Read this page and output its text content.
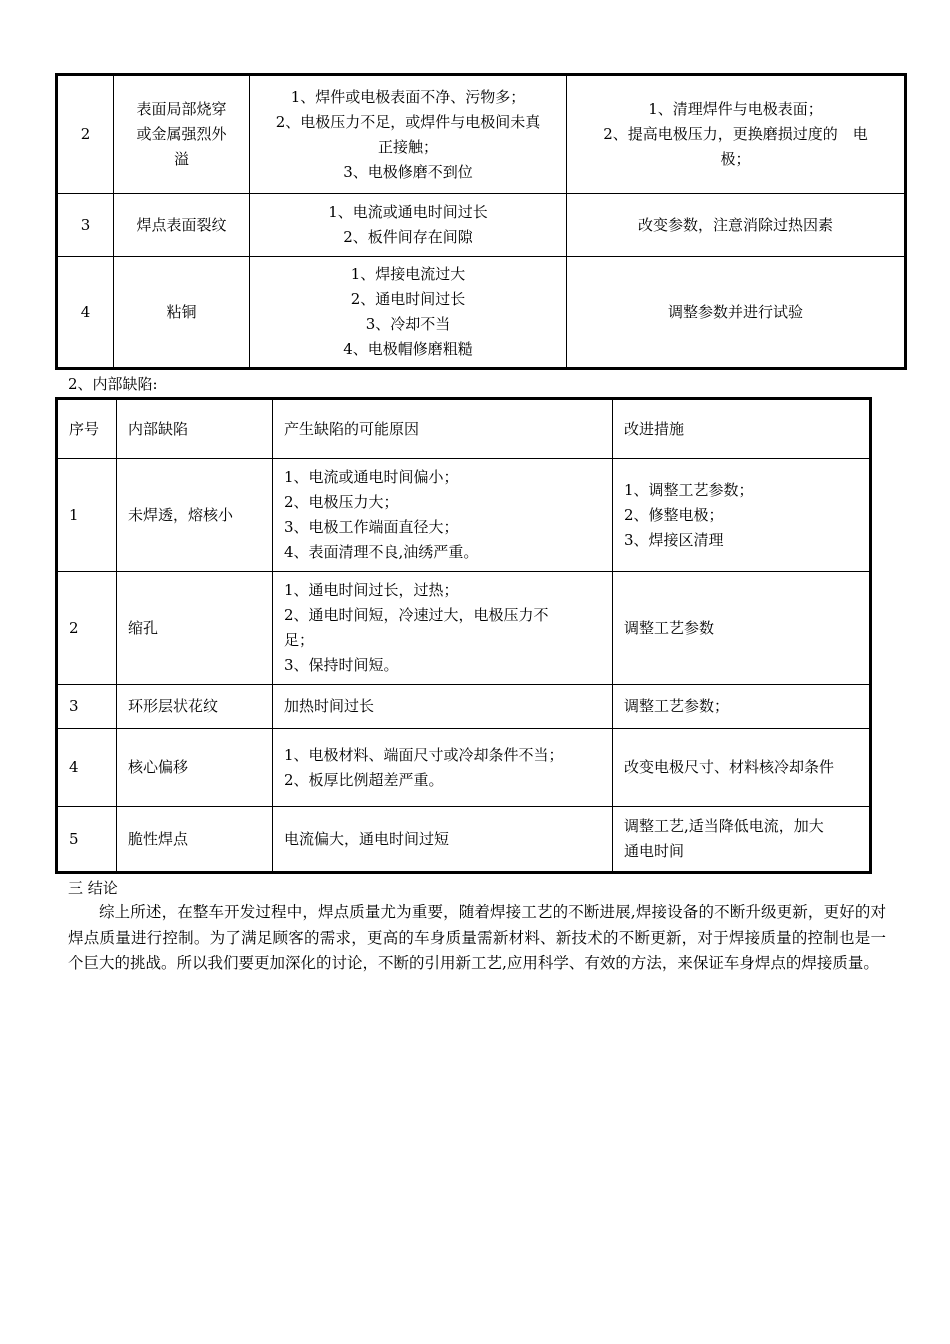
2	表面局部烧穿
或金属强烈外
溢	1、焊件或电极表面不净、污物多；
2、电极压力不足，或焊件与电极间未真
正接触；
3、电极修磨不到位	1、清理焊件与电极表面；
2、提高电极压力，更换磨损过度的　电
极；

3	焊点表面裂纹	1、电流或通电时间过长
2、板件间存在间隙	改变参数，注意消除过热因素

4	粘铜	1、焊接电流过大
2、通电时间过长
3、冷却不当
4、电极帽修磨粗糙	调整参数并进行试验
2、内部缺陷:
序号	内部缺陷	产生缺陷的可能原因	改进措施
1	未焊透，熔核小	1、电流或通电时间偏小；
2、电极压力大；
3、电极工作端面直径大；
4、表面清理不良,油绣严重。	1、调整工艺参数；
2、修整电极；
3、焊接区清理

2	缩孔	1、通电时间过长，过热；
2、通电时间短，冷速过大，电极压力不
足；
3、保持时间短。	调整工艺参数

3	环形层状花纹	加热时间过长	调整工艺参数；

4	核心偏移	1、电极材料、端面尺寸或冷却条件不当；
2、板厚比例超差严重。	改变电极尺寸、材料核冷却条件

5	脆性焊点	电流偏大，通电时间过短	调整工艺,适当降低电流，加大
通电时间
三 结论

综上所述，在整车开发过程中，焊点质量尤为重要，随着焊接工艺的不断进展,焊接设备的不断升级更新，更好的对焊点质量进行控制。为了满足顾客的需求，更高的车身质量需新材料、新技术的不断更新，对于焊接质量的控制也是一个巨大的挑战。所以我们要更加深化的讨论，不断的引用新工艺,应用科学、有效的方法，来保证车身焊点的焊接质量。
